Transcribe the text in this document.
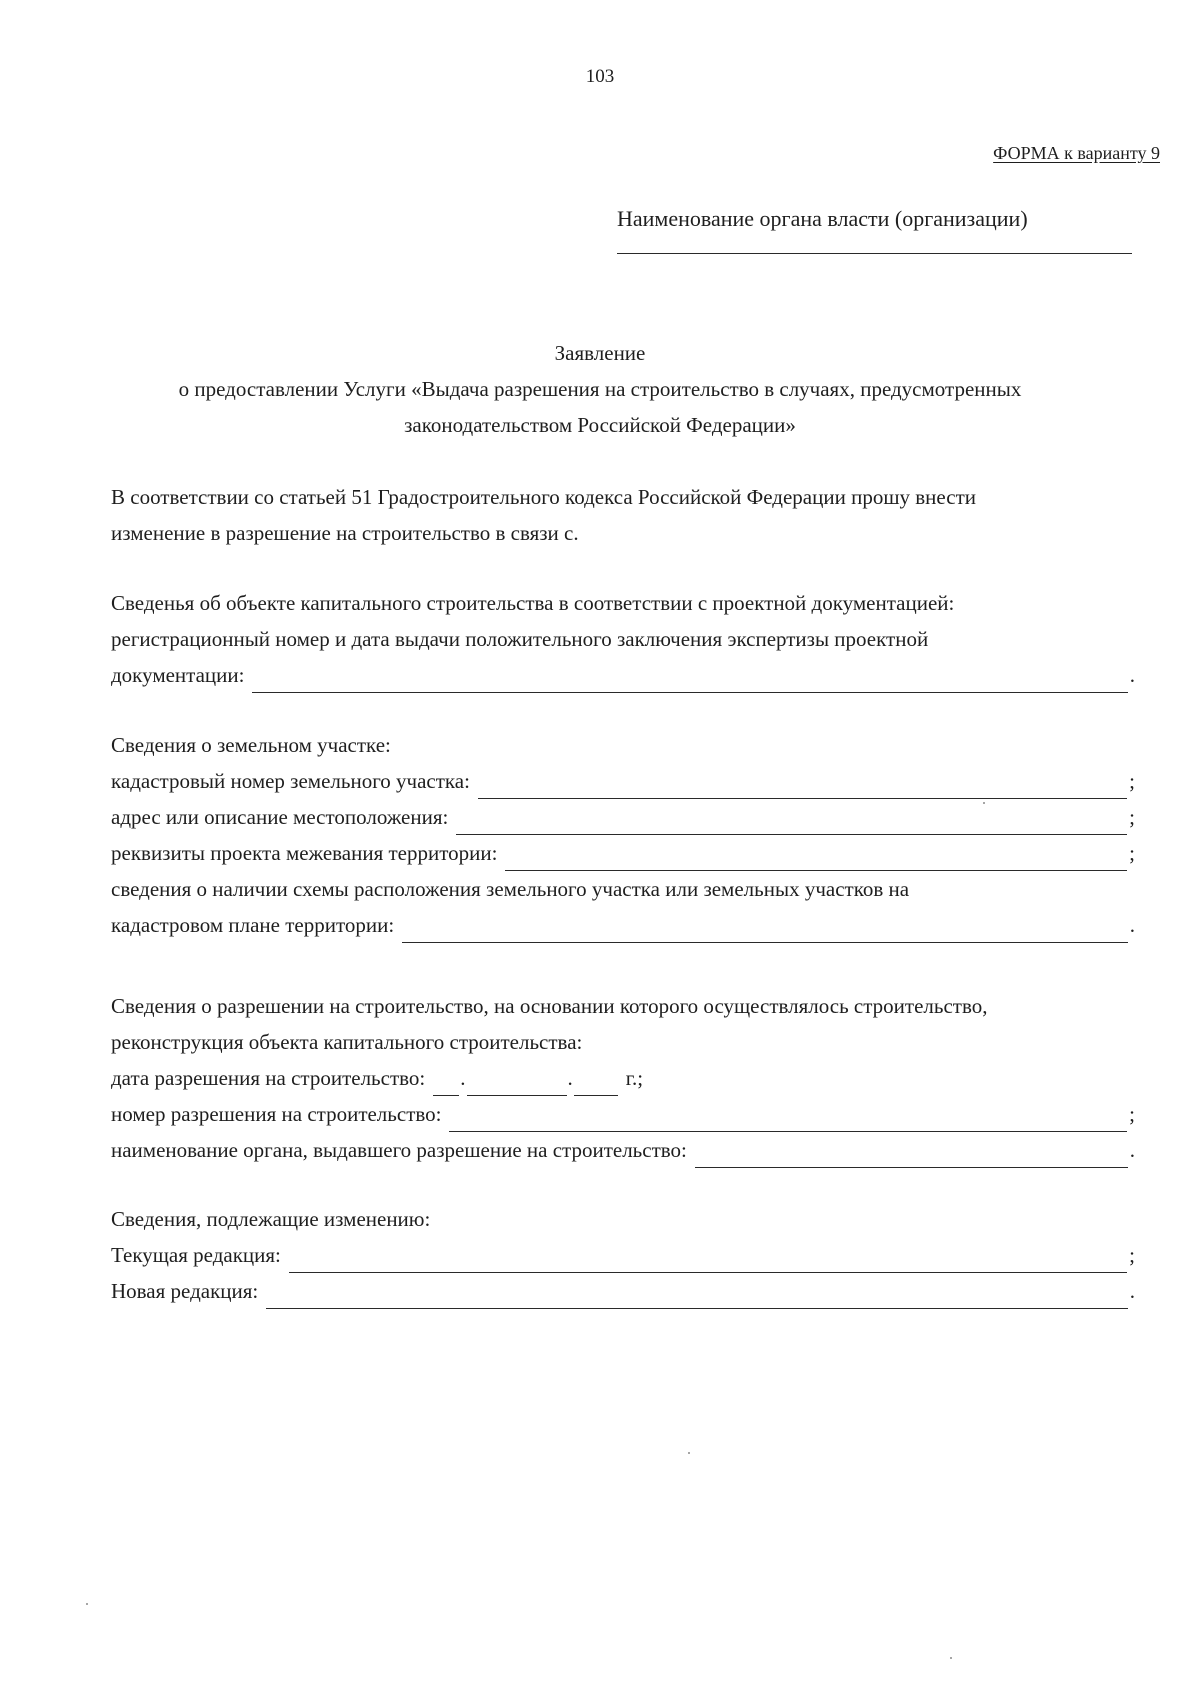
103
ФОРМА к варианту 9
Наименование органа власти (организации)
Заявление
о предоставлении Услуги «Выдача разрешения на строительство в случаях, предусмотренных
законодательством Российской Федерации»
В соответствии со статьей 51 Градостроительного кодекса Российской Федерации прошу внести
изменение в разрешение на строительство в связи с.
Сведенья об объекте капитального строительства в соответствии с проектной документацией:
регистрационный номер и дата выдачи положительного заключения экспертизы проектной
документации:	.
Сведения о земельном участке:
кадастровый номер земельного участка:	;
адрес или описание местоположения:	;
реквизиты проекта межевания территории:	;
сведения о наличии схемы расположения земельного участка или земельных участков на
кадастровом плане территории:	.
Сведения о разрешении на строительство, на основании которого осуществлялось строительство,
реконструкция объекта капитального строительства:
дата разрешения на строительство: .	.	г.;
номер разрешения на строительство:	;
наименование органа, выдавшего разрешение на строительство:	.
Сведения, подлежащие изменению:
Текущая редакция:	;
Новая редакция:	.
